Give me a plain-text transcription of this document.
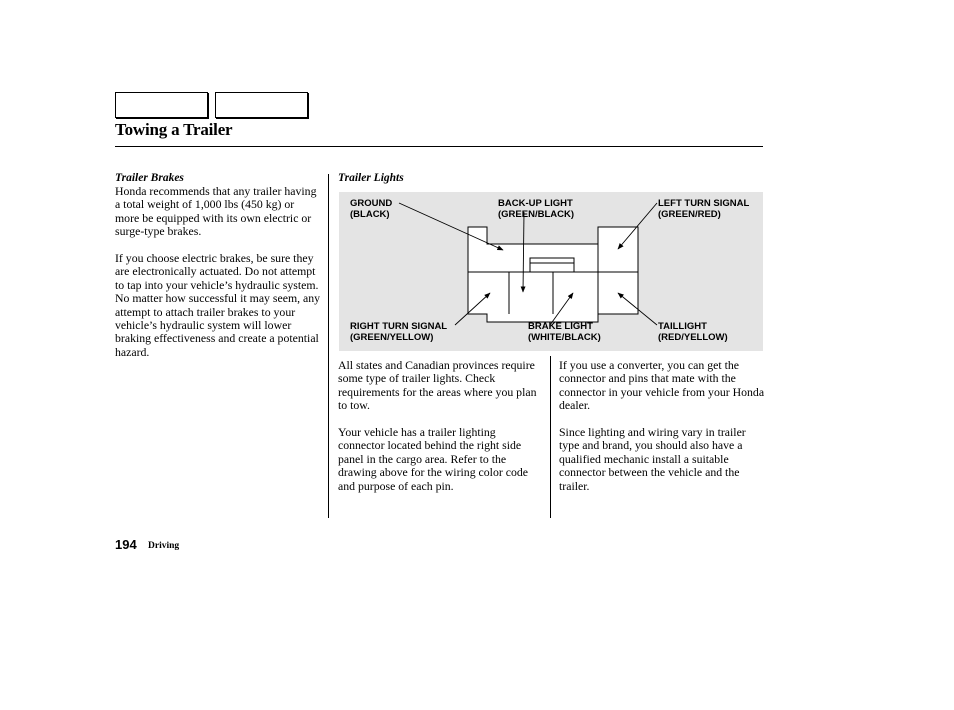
Towing a Trailer
Trailer Brakes

Honda recommends that any trailer having a total weight of 1,000 lbs (450 kg) or more be equipped with its own electric or surge-type brakes.

If you choose electric brakes, be sure they are electronically actuated. Do not attempt to tap into your vehicle’s hydraulic system. No matter how successful it may seem, any attempt to attach trailer brakes to your vehicle’s hydraulic system will lower braking effectiveness and create a potential hazard.

Trailer Lights
GROUND
(BLACK)
BACK-UP LIGHT
(GREEN/BLACK)
LEFT TURN SIGNAL
(GREEN/RED)
RIGHT TURN SIGNAL
(GREEN/YELLOW)
BRAKE LIGHT
(WHITE/BLACK)
TAILLIGHT
(RED/YELLOW)

All states and Canadian provinces require some type of trailer lights. Check requirements for the areas where you plan to tow.

Your vehicle has a trailer lighting connector located behind the right side panel in the cargo area. Refer to the drawing above for the wiring color code and purpose of each pin.

If you use a converter, you can get the connector and pins that mate with the connector in your vehicle from your Honda dealer.

Since lighting and wiring vary in trailer type and brand, you should also have a qualified mechanic install a suitable connector between the vehicle and the trailer.

194 Driving
